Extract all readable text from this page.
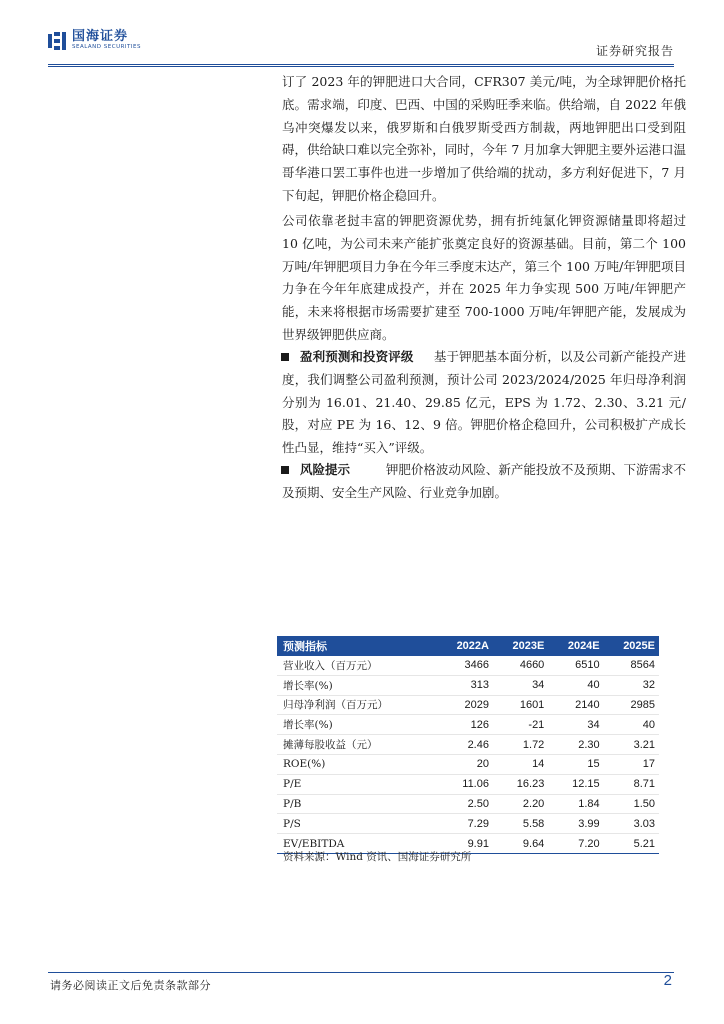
国海证券
SEALAND SECURITIES	证券研究报告
订了 2023 年的钾肥进口大合同，CFR307 美元/吨，为全球钾肥价格托底。需求端，印度、巴西、中国的采购旺季来临。供给端，自 2022 年俄乌冲突爆发以来，俄罗斯和白俄罗斯受西方制裁，两地钾肥出口受到阻碍，供给缺口难以完全弥补，同时，今年 7 月加拿大钾肥主要外运港口温哥华港口罢工事件也进一步增加了供给端的扰动，多方利好促进下，7 月下旬起，钾肥价格企稳回升。
公司依靠老挝丰富的钾肥资源优势，拥有折纯氯化钾资源储量即将超过 10 亿吨，为公司未来产能扩张奠定良好的资源基础。目前，第二个 100 万吨/年钾肥项目力争在今年三季度末达产，第三个 100 万吨/年钾肥项目力争在今年年底建成投产，并在 2025 年力争实现 500 万吨/年钾肥产能，未来将根据市场需要扩建至 700-1000 万吨/年钾肥产能，发展成为世界级钾肥供应商。
盈利预测和投资评级 基于钾肥基本面分析，以及公司新产能投产进度，我们调整公司盈利预测，预计公司 2023/2024/2025 年归母净利润分别为 16.01、21.40、29.85 亿元，EPS 为 1.72、2.30、3.21 元/股，对应 PE 为 16、12、9 倍。钾肥价格企稳回升，公司积极扩产成长性凸显，维持“买入”评级。
风险提示	钾肥价格波动风险、新产能投放不及预期、下游需求不及预期、安全生产风险、行业竞争加剧。
预测指标	2022A	2023E	2024E	2025E
营业收入（百万元）	3466	4660	6510	8564
增长率(%)	313	34	40	32
归母净利润（百万元）	2029	1601	2140	2985
增长率(%)	126	-21	34	40
摊薄每股收益（元）	2.46	1.72	2.30	3.21
ROE(%)	20	14	15	17
P/E	11.06	16.23	12.15	8.71
P/B	2.50	2.20	1.84	1.50
P/S	7.29	5.58	3.99	3.03
EV/EBITDA	9.91	9.64	7.20	5.21
资料来源：Wind 资讯、国海证券研究所
请务必阅读正文后免责条款部分	2
